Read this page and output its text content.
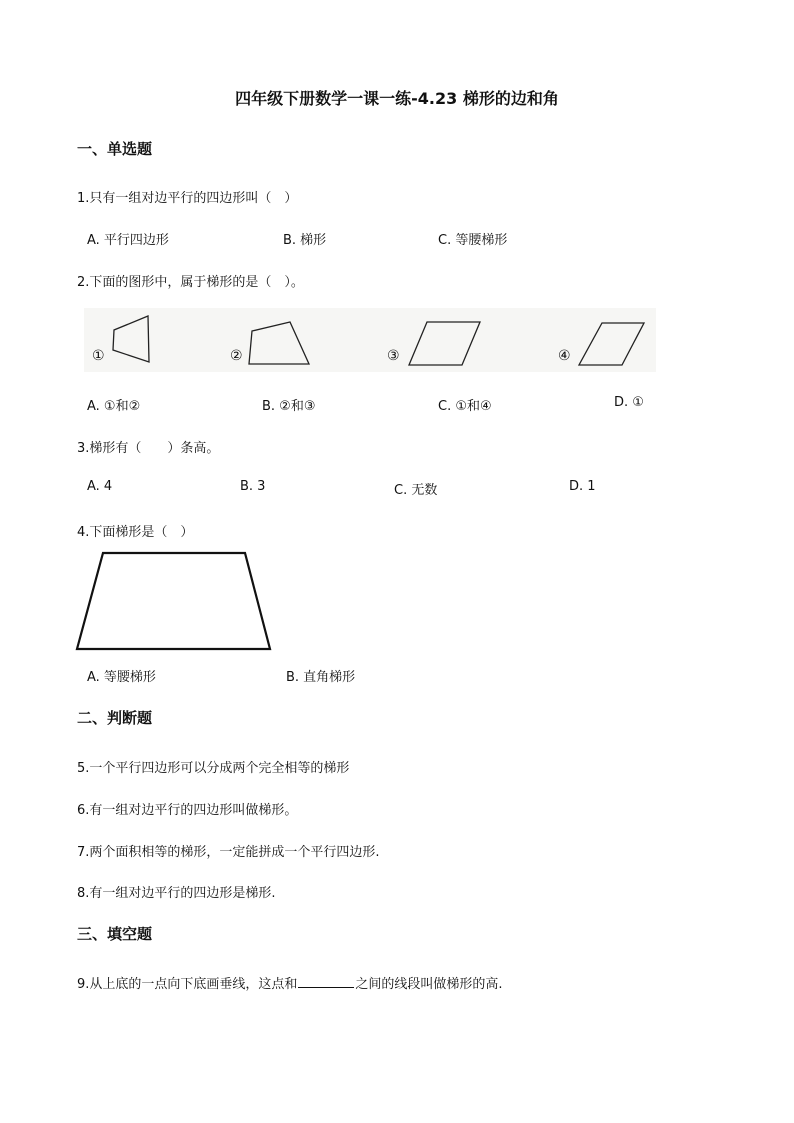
四年级下册数学一课一练-4.23 梯形的边和角
一、单选题
1.只有一组对边平行的四边形叫（　）
A. 平行四边形	B. 梯形	C. 等腰梯形
2.下面的图形中，属于梯形的是（　）。
①	②	③	④
A. ①和②	B. ②和③	C. ①和④	D. ①
3.梯形有（　　）条高。
A. 4	B. 3	C. 无数	D. 1
4.下面梯形是（　）
A. 等腰梯形	B. 直角梯形
二、判断题
5.一个平行四边形可以分成两个完全相等的梯形
6.有一组对边平行的四边形叫做梯形。
7.两个面积相等的梯形，一定能拼成一个平行四边形.
8.有一组对边平行的四边形是梯形.
三、填空题
9.从上底的一点向下底画垂线，这点和	之间的线段叫做梯形的高.
